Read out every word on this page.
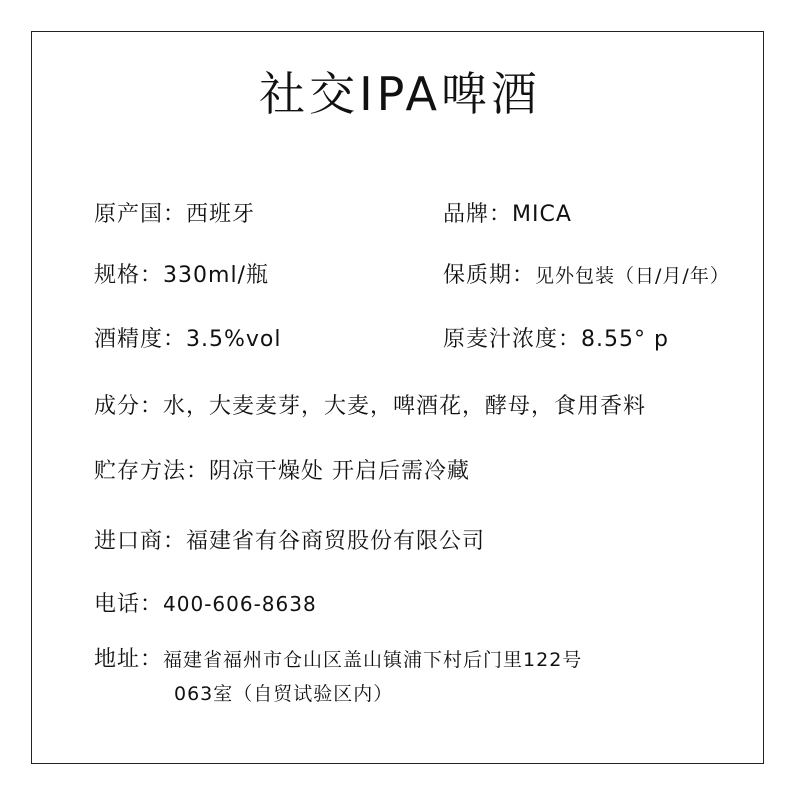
社交IPA啤酒
原产国：西班牙	品牌：MICA
规格：330ml/瓶	保质期：见外包装（日/月/年）
酒精度：3.5%vol	原麦汁浓度：8.55° p
成分：水，大麦麦芽，大麦，啤酒花，酵母，食用香料
贮存方法：阴凉干燥处 开启后需冷藏
进口商：福建省有谷商贸股份有限公司
电话：400-606-8638
地址：福建省福州市仓山区盖山镇浦下村后门里122号
063室（自贸试验区内）
